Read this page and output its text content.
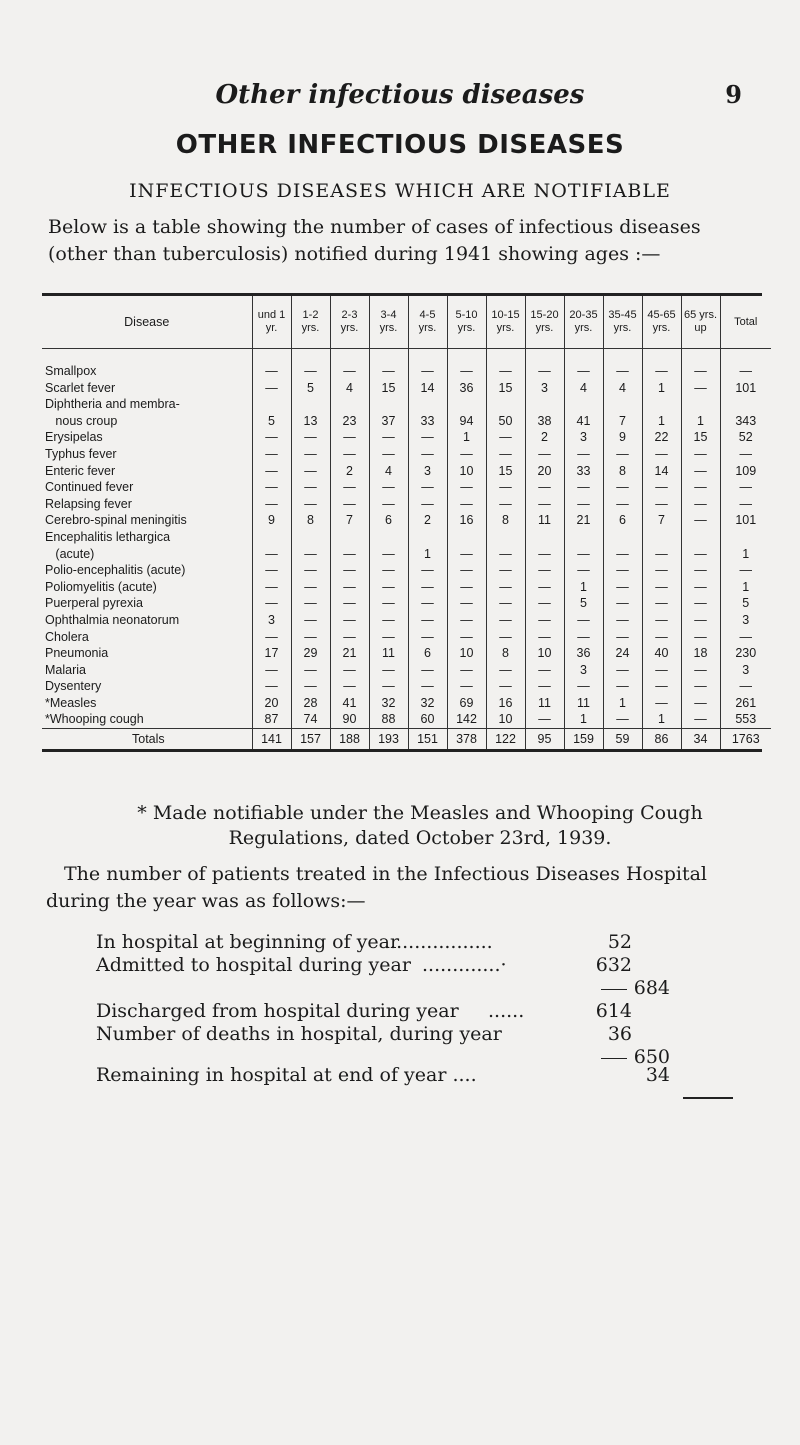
Other infectious diseases	9
OTHER INFECTIOUS DISEASES
INFECTIOUS DISEASES WHICH ARE NOTIFIABLE
Below is a table showing the number of cases of infectious diseases (other than tuberculosis) notified during 1941 showing ages :—
Disease	und 1 yr.	1-2 yrs.	2-3 yrs.	3-4 yrs.	4-5 yrs.	5-10 yrs.	10-15 yrs.	15-20 yrs.	20-35 yrs.	35-45 yrs.	45-65 yrs.	65 yrs. up	Total
Smallpox	—	—	—	—	—	—	—	—	—	—	—	—	—
Scarlet fever	—	5	4	15	14	36	15	3	4	4	1	—	101
Diphtheria and membra-													
nous croup	5	13	23	37	33	94	50	38	41	7	1	1	343
Erysipelas	—	—	—	—	—	1	—	2	3	9	22	15	52
Typhus fever	—	—	—	—	—	—	—	—	—	—	—	—	—
Enteric fever	—	—	2	4	3	10	15	20	33	8	14	—	109
Continued fever	—	—	—	—	—	—	—	—	—	—	—	—	—
Relapsing fever	—	—	—	—	—	—	—	—	—	—	—	—	—
Cerebro-spinal meningitis	9	8	7	6	2	16	8	11	21	6	7	—	101
Encephalitis lethargica													
(acute)	—	—	—	—	1	—	—	—	—	—	—	—	1
Polio-encephalitis (acute)	—	—	—	—	—	—	—	—	—	—	—	—	—
Poliomyelitis (acute)	—	—	—	—	—	—	—	—	1	—	—	—	1
Puerperal pyrexia	—	—	—	—	—	—	—	—	5	—	—	—	5
Ophthalmia neonatorum	3	—	—	—	—	—	—	—	—	—	—	—	3
Cholera	—	—	—	—	—	—	—	—	—	—	—	—	—
Pneumonia	17	29	21	11	6	10	8	10	36	24	40	18	230
Malaria	—	—	—	—	—	—	—	—	3	—	—	—	3
Dysentery	—	—	—	—	—	—	—	—	—	—	—	—	—
*Measles	20	28	41	32	32	69	16	11	11	1	—	—	261
*Whooping cough	87	74	90	88	60	142	10	—	1	—	1	—	553
Totals	141	157	188	193	151	378	122	95	159	59	86	34	1763
* Made notifiable under the Measles and Whooping Cough Regulations, dated October 23rd, 1939.
The number of patients treated in the Infectious Diseases Hospital during the year was as follows:—
In hospital at beginning of year
..................	52
Admitted to hospital during year .............·	632
684
Discharged from hospital during year ......	614
Number of deaths in hospital, during year	36
650
Remaining in hospital at end of year ....	34
